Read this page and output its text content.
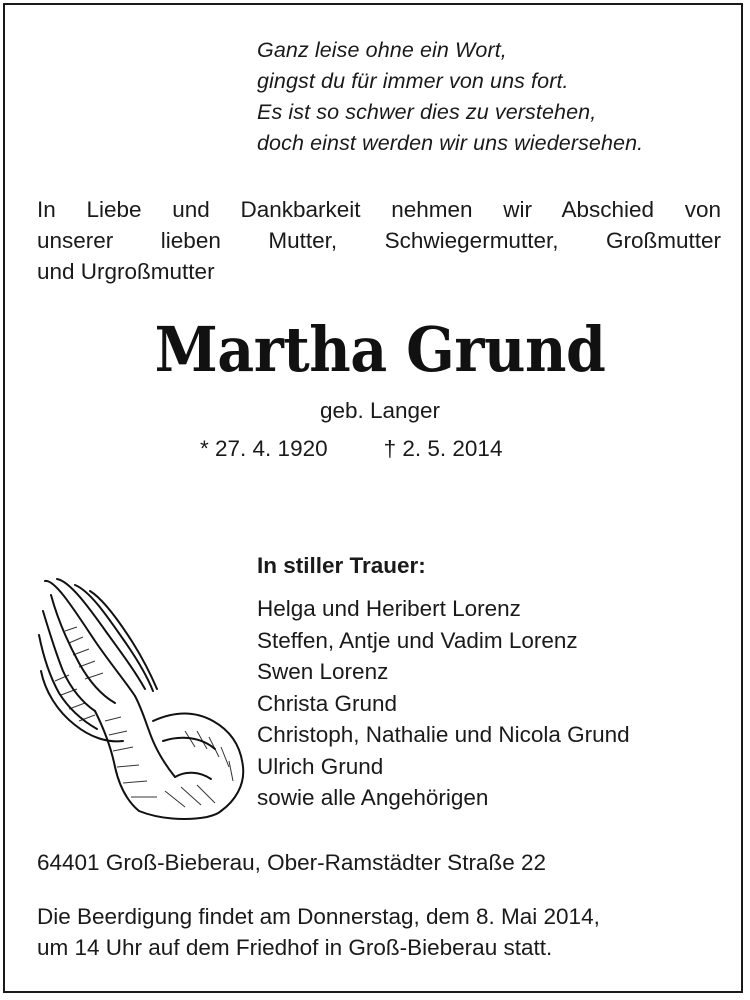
Ganz leise ohne ein Wort,
gingst du für immer von uns fort.
Es ist so schwer dies zu verstehen,
doch einst werden wir uns wiedersehen.
In Liebe und Dankbarkeit nehmen wir Abschied von
unserer lieben Mutter, Schwiegermutter, Großmutter
und Urgroßmutter
Martha Grund
geb. Langer
* 27. 4. 1920 † 2. 5. 2014
In stiller Trauer:
Helga und Heribert Lorenz
Steffen, Antje und Vadim Lorenz
Swen Lorenz
Christa Grund
Christoph, Nathalie und Nicola Grund
Ulrich Grund
sowie alle Angehörigen
64401 Groß-Bieberau, Ober-Ramstädter Straße 22
Die Beerdigung findet am Donnerstag, dem 8. Mai 2014,
um 14 Uhr auf dem Friedhof in Groß-Bieberau statt.
